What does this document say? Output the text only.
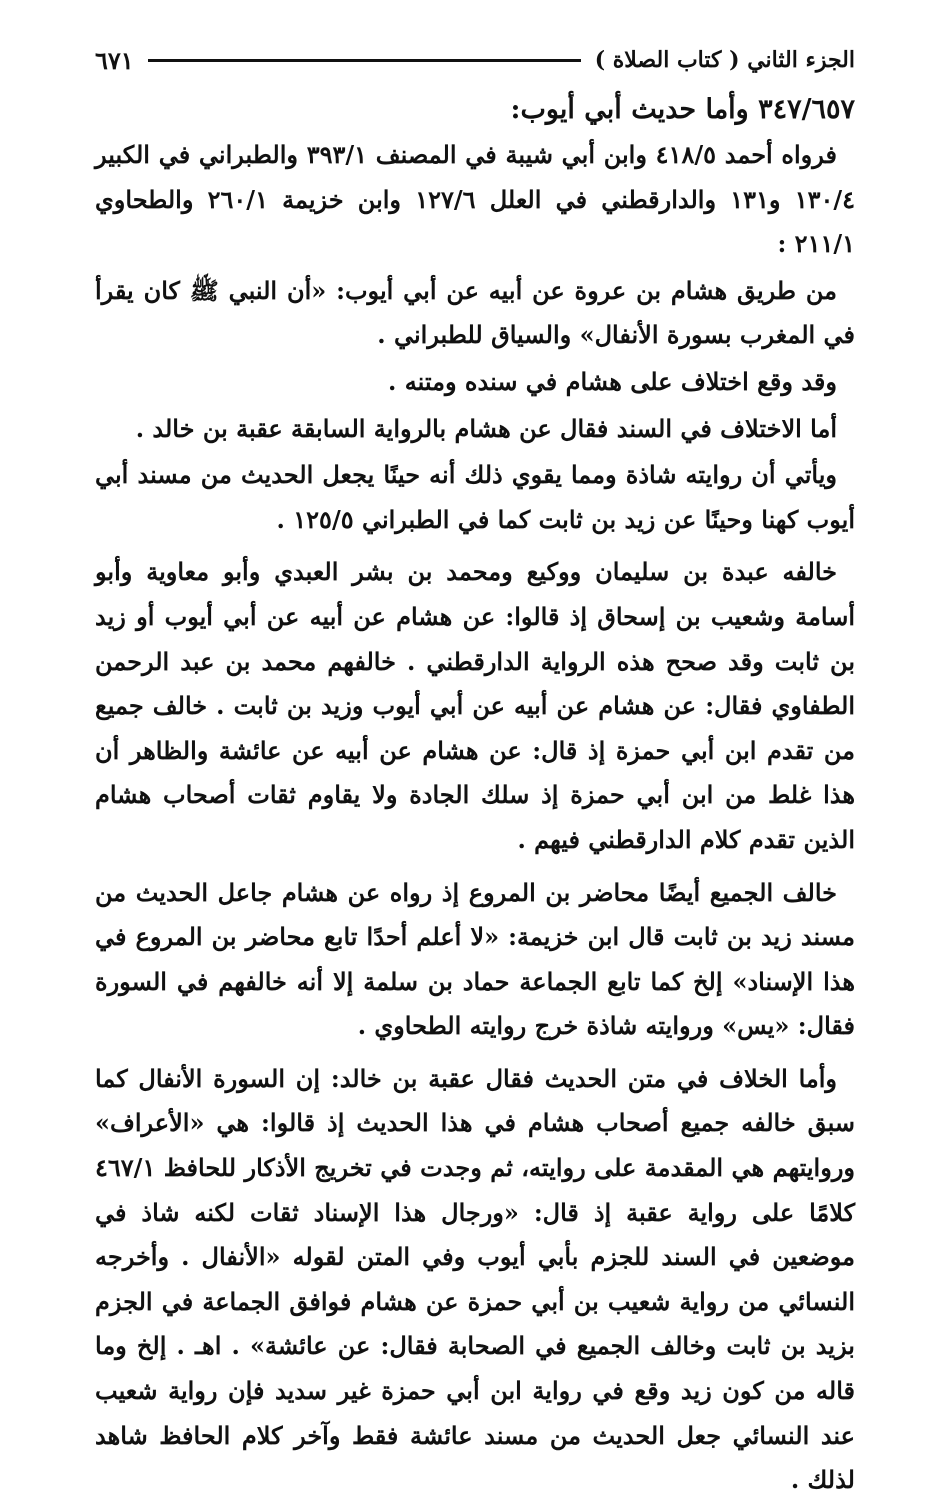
الجزء الثاني ( كتاب الصلاة )
٦٧١
٣٤٧/٦٥٧ وأما حديث أبي أيوب:

فرواه أحمد ٤١٨/٥ وابن أبي شيبة في المصنف ٣٩٣/١ والطبراني في الكبير ١٣٠/٤ و١٣١ والدارقطني في العلل ١٢٧/٦ وابن خزيمة ٢٦٠/١ والطحاوي ٢١١/١ :

من طريق هشام بن عروة عن أبيه عن أبي أيوب: «أن النبي ﷺ كان يقرأ في المغرب بسورة الأنفال» والسياق للطبراني .

وقد وقع اختلاف على هشام في سنده ومتنه .

أما الاختلاف في السند فقال عن هشام بالرواية السابقة عقبة بن خالد .

ويأتي أن روايته شاذة ومما يقوي ذلك أنه حينًا يجعل الحديث من مسند أبي أيوب كهنا وحينًا عن زيد بن ثابت كما في الطبراني ١٢٥/٥ .

خالفه عبدة بن سليمان ووكيع ومحمد بن بشر العبدي وأبو معاوية وأبو أسامة وشعيب بن إسحاق إذ قالوا: عن هشام عن أبيه عن أبي أيوب أو زيد بن ثابت وقد صحح هذه الرواية الدارقطني . خالفهم محمد بن عبد الرحمن الطفاوي فقال: عن هشام عن أبيه عن أبي أيوب وزيد بن ثابت . خالف جميع من تقدم ابن أبي حمزة إذ قال: عن هشام عن أبيه عن عائشة والظاهر أن هذا غلط من ابن أبي حمزة إذ سلك الجادة ولا يقاوم ثقات أصحاب هشام الذين تقدم كلام الدارقطني فيهم .

خالف الجميع أيضًا محاضر بن المروع إذ رواه عن هشام جاعل الحديث من مسند زيد بن ثابت قال ابن خزيمة: «لا أعلم أحدًا تابع محاضر بن المروع في هذا الإسناد» إلخ كما تابع الجماعة حماد بن سلمة إلا أنه خالفهم في السورة فقال: «يس» وروايته شاذة خرج روايته الطحاوي .

وأما الخلاف في متن الحديث فقال عقبة بن خالد: إن السورة الأنفال كما سبق خالفه جميع أصحاب هشام في هذا الحديث إذ قالوا: هي «الأعراف» وروايتهم هي المقدمة على روايته، ثم وجدت في تخريج الأذكار للحافظ ٤٦٧/١ كلامًا على رواية عقبة إذ قال: «ورجال هذا الإسناد ثقات لكنه شاذ في موضعين في السند للجزم بأبي أيوب وفي المتن لقوله «الأنفال . وأخرجه النسائي من رواية شعيب بن أبي حمزة عن هشام فوافق الجماعة في الجزم بزيد بن ثابت وخالف الجميع في الصحابة فقال: عن عائشة» . اهـ . إلخ وما قاله من كون زيد وقع في رواية ابن أبي حمزة غير سديد فإن رواية شعيب عند النسائي جعل الحديث من مسند عائشة فقط وآخر كلام الحافظ شاهد لذلك .
